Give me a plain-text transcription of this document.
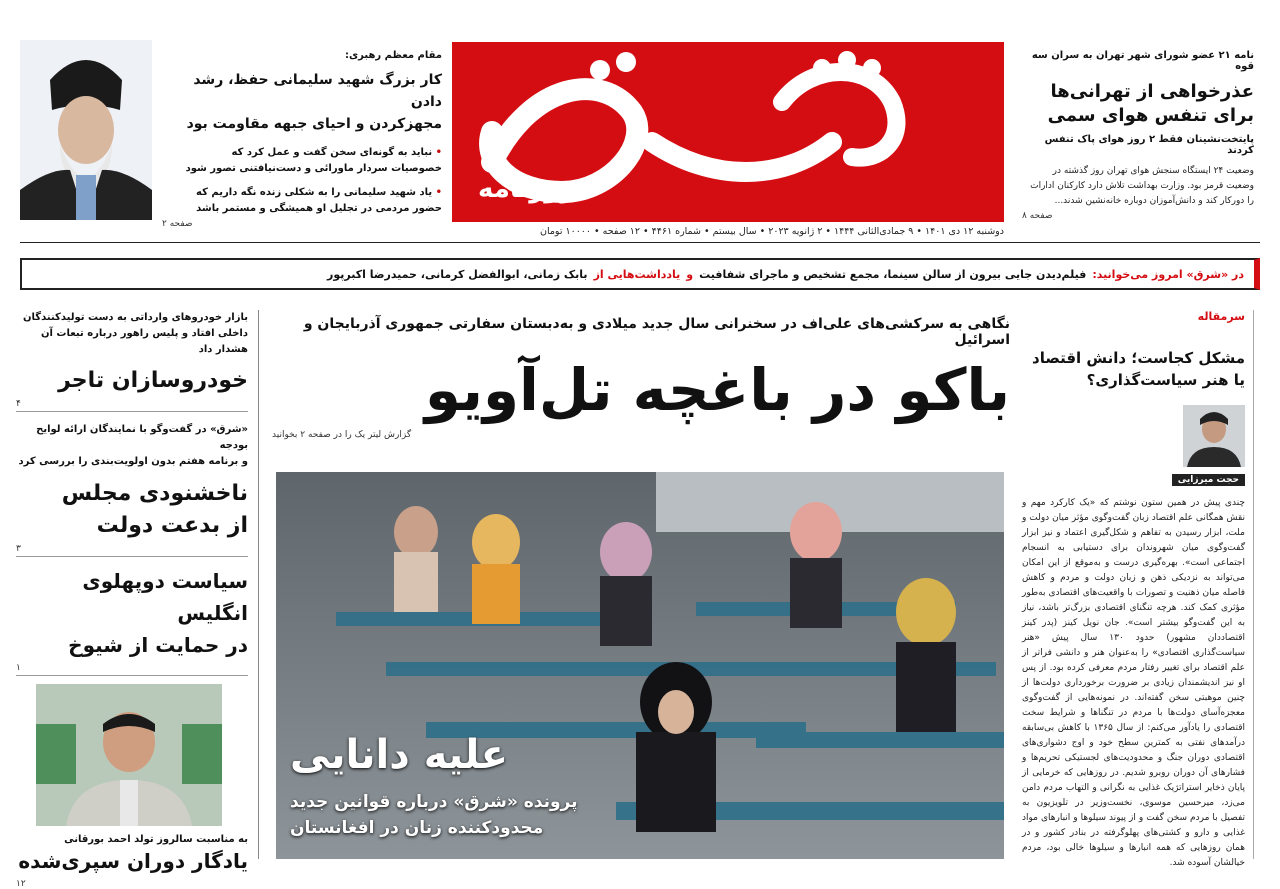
نامه ۲۱ عضو شورای شهر تهران به سران سه قوه
عذرخواهی از تهرانی‌ها
برای تنفس هوای سمی
پایتخت‌نشینان فقط ۲ روز هوای پاک تنفس کردند
وضعیت ۲۴ ایستگاه سنجش هوای تهران روز گذشته در وضعیت قرمز بود. وزارت بهداشت تلاش دارد کارکنان ادارات را دورکار کند و دانش‌آموزان دوباره خانه‌نشین شدند...
صفحه ۸
روزنامه
مقام معظم رهبری:
کار بزرگ شهید سلیمانی حفظ، رشد دادن
مجهزکردن و احیای جبهه مقاومت بود
• نباید به گونه‌ای سخن گفت و عمل کرد که
خصوصیات سردار ماورائی و دست‌نیافتنی تصور شود
• یاد شهید سلیمانی را به شکلی زنده نگه داریم که
حضور مردمی در تجلیل او همیشگی و مستمر باشد
صفحه ۲
دوشنبه ۱۲ دی ۱۴۰۱ • ۹ جمادی‌الثانی ۱۴۴۴ • ۲ ژانویه ۲۰۲۳ • سال بیستم • شماره ۴۴۶۱ • ۱۲ صفحه • ۱۰۰۰۰ تومان
در «شرق» امروز می‌خوانید:
فیلم‌دیدن جایی بیرون از سالن سینما، مجمع تشخیص و ماجرای شفافیت
و
یادداشت‌هایی از
بابک زمانی، ابوالفضل کرمانی، حمیدرضا اکبرپور
سرمقاله
مشکل کجاست؛ دانش اقتصاد
یا هنر سیاست‌گذاری؟
حجت میرزایی
چندی پیش در همین ستون نوشتم که «یک کارکرد مهم و نقش همگانی علم اقتصاد زبان گفت‌وگوی مؤثر میان دولت و ملت، ابزار رسیدن به تفاهم و شکل‌گیری اعتماد و نیز ابزار گفت‌وگوی میان شهروندان برای دستیابی به انسجام اجتماعی است». بهره‌گیری درست و به‌موقع از این امکان می‌تواند به نزدیکی ذهن و زبان دولت و مردم و کاهش فاصله میان ذهنیت و تصورات با واقعیت‌های اقتصادی به‌طور مؤثری کمک کند. هرچه تنگنای اقتصادی بزرگ‌تر باشد، نیاز به این گفت‌وگو بیشتر است». جان نویل کینز (پدر کینز اقتصاددان مشهور) حدود ۱۳۰ سال پیش «هنر سیاست‌گذاری اقتصادی» را به‌عنوان هنر و دانشی فراتر از علم اقتصاد برای تغییر رفتار مردم معرفی کرده بود. از پس او نیز اندیشمندان زیادی بر ضرورت برخورداری دولت‌ها از چنین موهبتی سخن گفته‌اند. در نمونه‌هایی از گفت‌وگوی معجزه‌آسای دولت‌ها با مردم در تنگناها و شرایط سخت اقتصادی را یادآور می‌کنم: از سال ۱۳۶۵ با کاهش بی‌سابقه درآمدهای نفتی به کمترین سطح خود و اوج دشواری‌های اقتصادی دوران جنگ و محدودیت‌های لجستیکی تحریم‌ها و فشارهای آن دوران روبرو شدیم. در روزهایی که خرمایی از پایان ذخایر استراتژیک غذایی به نگرانی و التهاب مردم دامن می‌زد، میرحسین موسوی، نخست‌وزیر در تلویزیون به تفصیل با مردم سخن گفت و از پیوند سیلوها و انبارهای مواد غذایی و دارو و کشتی‌های پهلوگرفته در بنادر کشور و در همان روزهایی که همه انبارها و سیلوها خالی بود، مردم خیالشان آسوده شد.
نگاهی به سرکشی‌های علی‌اف در سخنرانی سال جدید میلادی و به‌دبستان سفارتی جمهوری آذربایجان و اسرائیل
باکو در باغچه تل‌آویو
گزارش لیتر یک را در صفحه ۲ بخوانید
علیه دانایی
پرونده «شرق» درباره قوانین جدید
محدودکننده زنان در افغانستان
بازار خودروهای وارداتی به دست تولیدکنندگان
داخلی افتاد و پلیس راهور درباره تبعات آن هشدار داد
خودروسازان تاجر
۴
«شرق» در گفت‌وگو با نمایندگان ارائه لوایح بودجه
و برنامه هفتم بدون اولویت‌بندی را بررسی کرد
ناخشنودی مجلس
از بدعت دولت
۳
سیاست دوپهلوی انگلیس
در حمایت از شیوخ
۱
به مناسبت سالروز تولد احمد بورقانی
یادگار دوران سپری‌شده
۱۲
